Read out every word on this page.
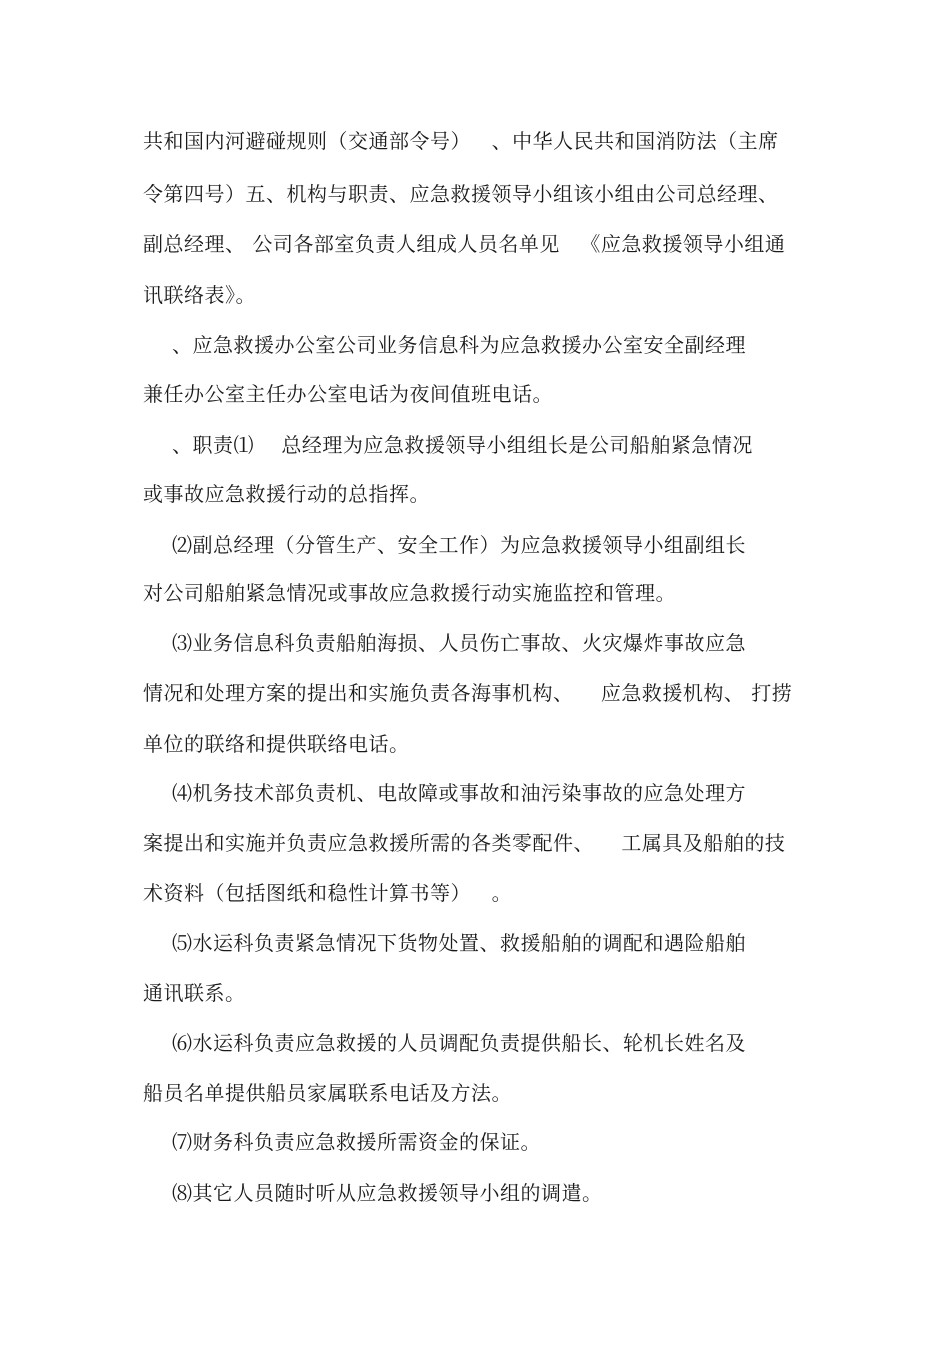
共和国内河避碰规则（交通部令号）   、中华人民共和国消防法（主席
令第四号）五、机构与职责、应急救援领导小组该小组由公司总经理、
副总经理、 公司各部室负责人组成人员名单见   《应急救援领导小组通
讯联络表》。
、应急救援办公室公司业务信息科为应急救援办公室安全副经理
兼任办公室主任办公室电话为夜间值班电话。
、职责⑴    总经理为应急救援领导小组组长是公司船舶紧急情况
或事故应急救援行动的总指挥。
⑵副总经理（分管生产、安全工作）为应急救援领导小组副组长
对公司船舶紧急情况或事故应急救援行动实施监控和管理。
⑶业务信息科负责船舶海损、人员伤亡事故、火灾爆炸事故应急
情况和处理方案的提出和实施负责各海事机构、    应急救援机构、 打捞
单位的联络和提供联络电话。
⑷机务技术部负责机、电故障或事故和油污染事故的应急处理方
案提出和实施并负责应急救援所需的各类零配件、    工属具及船舶的技
术资料（包括图纸和稳性计算书等）   。
⑸水运科负责紧急情况下货物处置、救援船舶的调配和遇险船舶
通讯联系。
⑹水运科负责应急救援的人员调配负责提供船长、轮机长姓名及
船员名单提供船员家属联系电话及方法。
⑺财务科负责应急救援所需资金的保证。
⑻其它人员随时听从应急救援领导小组的调遣。
